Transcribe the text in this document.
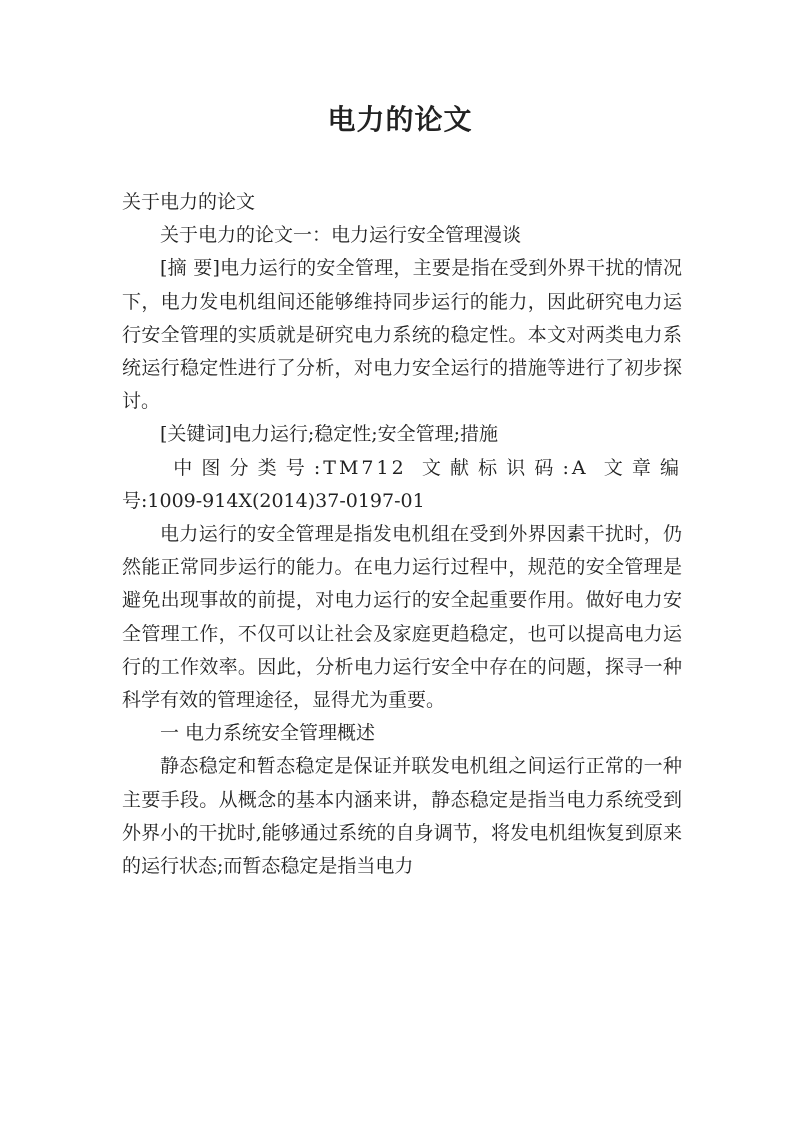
电力的论文

关于电力的论文

关于电力的论文一：电力运行安全管理漫谈

[摘 要]电力运行的安全管理，主要是指在受到外界干扰的情况下，电力发电机组间还能够维持同步运行的能力，因此研究电力运行安全管理的实质就是研究电力系统的稳定性。本文对两类电力系统运行稳定性进行了分析，对电力安全运行的措施等进行了初步探讨。

[关键词]电力运行;稳定性;安全管理;措施

中图分类号:TM712 文献标识码:A 文章编
号:1009-914X(2014)37-0197-01

电力运行的安全管理是指发电机组在受到外界因素干扰时，仍然能正常同步运行的能力。在电力运行过程中，规范的安全管理是避免出现事故的前提，对电力运行的安全起重要作用。做好电力安全管理工作，不仅可以让社会及家庭更趋稳定，也可以提高电力运行的工作效率。因此，分析电力运行安全中存在的问题，探寻一种科学有效的管理途径，显得尤为重要。

一 电力系统安全管理概述

静态稳定和暂态稳定是保证并联发电机组之间运行正常的一种主要手段。从概念的基本内涵来讲，静态稳定是指当电力系统受到外界小的干扰时,能够通过系统的自身调节，将发电机组恢复到原来的运行状态;而暂态稳定是指当电力
